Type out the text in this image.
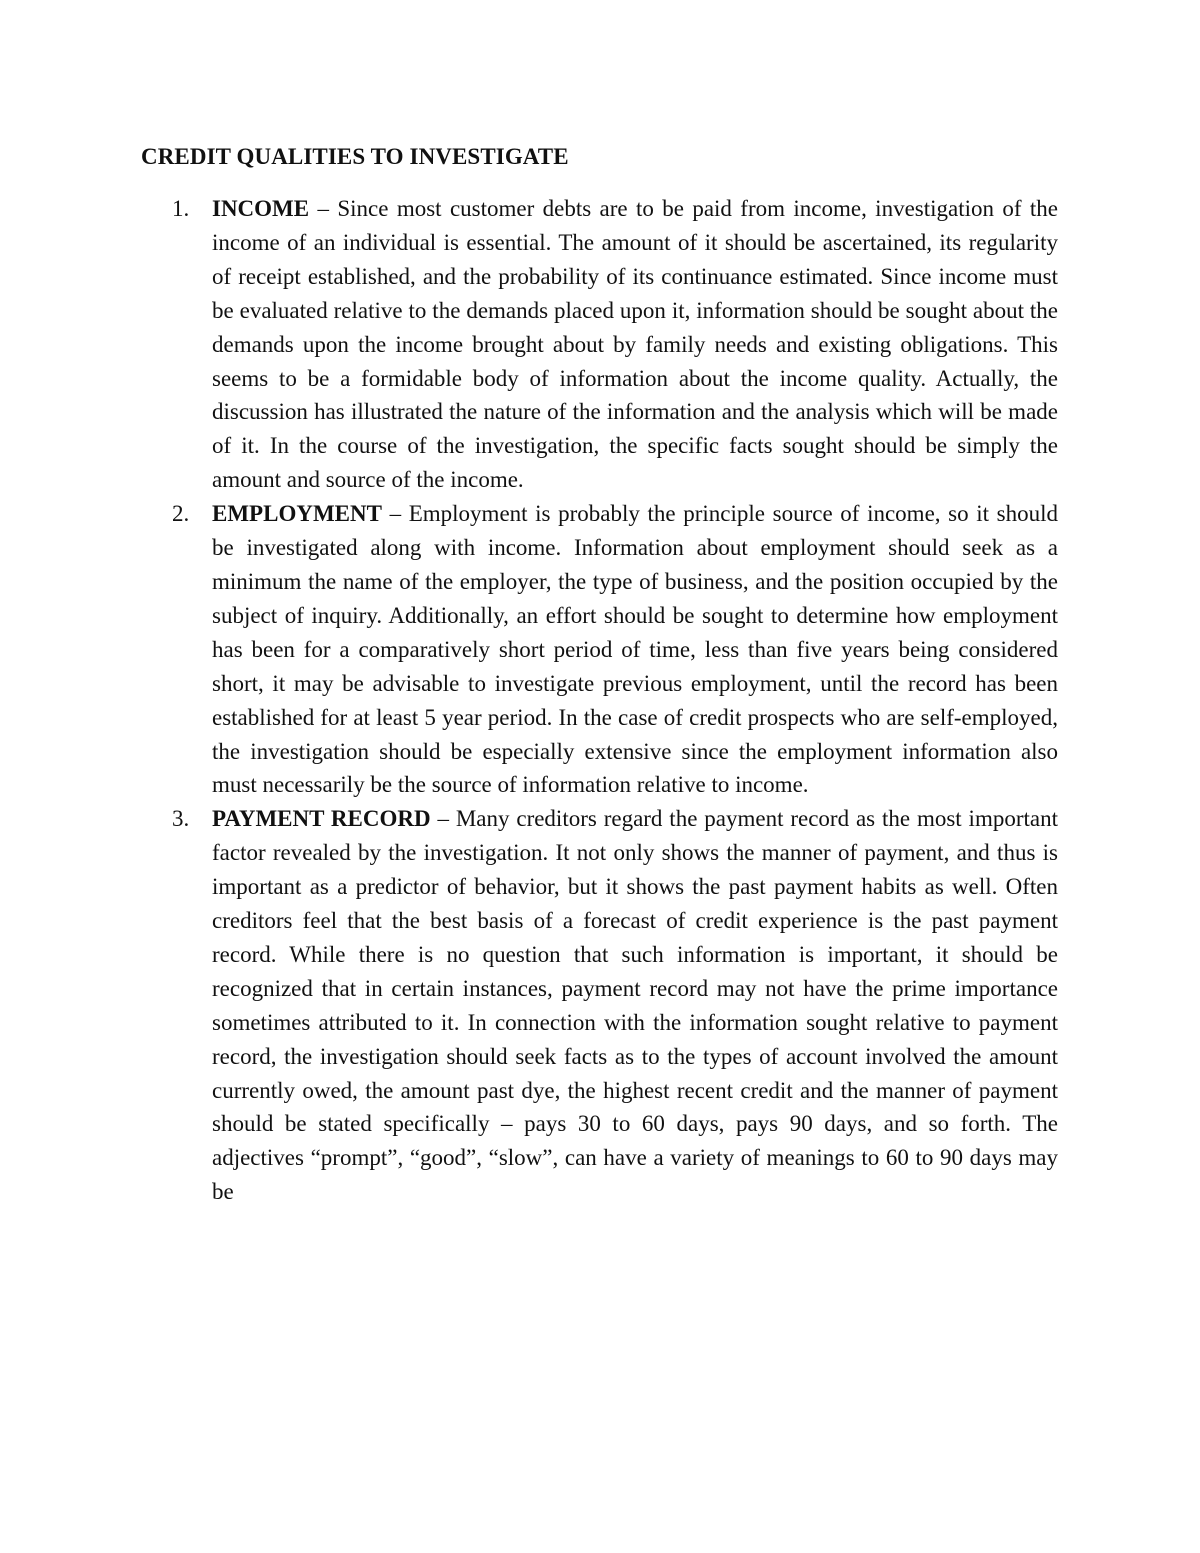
CREDIT QUALITIES TO INVESTIGATE
1. INCOME – Since most customer debts are to be paid from income, investigation of the income of an individual is essential. The amount of it should be ascertained, its regularity of receipt established, and the probability of its continuance estimated. Since income must be evaluated relative to the demands placed upon it, information should be sought about the demands upon the income brought about by family needs and existing obligations. This seems to be a formidable body of information about the income quality. Actually, the discussion has illustrated the nature of the information and the analysis which will be made of it. In the course of the investigation, the specific facts sought should be simply the amount and source of the income.
2. EMPLOYMENT – Employment is probably the principle source of income, so it should be investigated along with income. Information about employment should seek as a minimum the name of the employer, the type of business, and the position occupied by the subject of inquiry. Additionally, an effort should be sought to determine how employment has been for a comparatively short period of time, less than five years being considered short, it may be advisable to investigate previous employment, until the record has been established for at least 5 year period. In the case of credit prospects who are self-employed, the investigation should be especially extensive since the employment information also must necessarily be the source of information relative to income.
3. PAYMENT RECORD – Many creditors regard the payment record as the most important factor revealed by the investigation. It not only shows the manner of payment, and thus is important as a predictor of behavior, but it shows the past payment habits as well. Often creditors feel that the best basis of a forecast of credit experience is the past payment record. While there is no question that such information is important, it should be recognized that in certain instances, payment record may not have the prime importance sometimes attributed to it. In connection with the information sought relative to payment record, the investigation should seek facts as to the types of account involved the amount currently owed, the amount past dye, the highest recent credit and the manner of payment should be stated specifically – pays 30 to 60 days, pays 90 days, and so forth. The adjectives “prompt”, “good”, “slow”, can have a variety of meanings to 60 to 90 days may be
